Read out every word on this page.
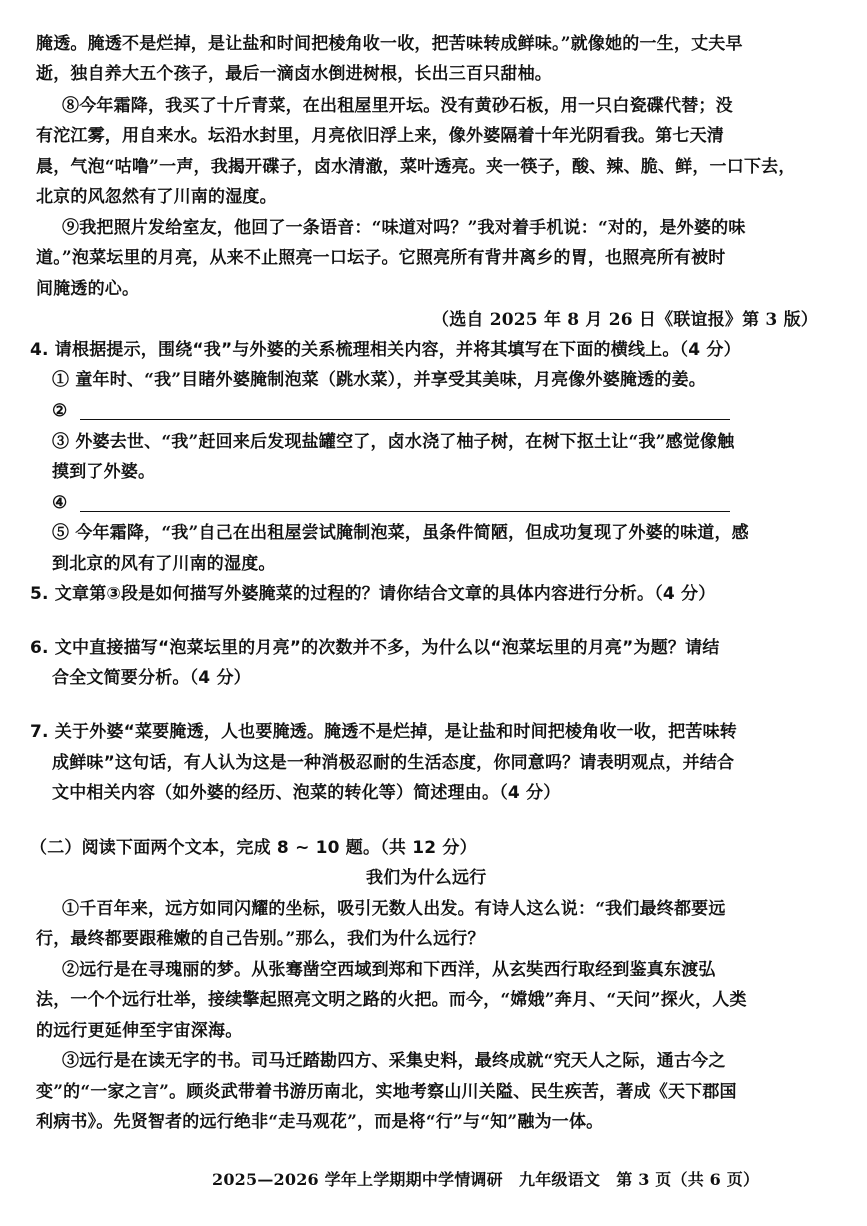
腌透。腌透不是烂掉，是让盐和时间把棱角收一收，把苦味转成鲜味。”就像她的一生，丈夫早
逝，独自养大五个孩子，最后一滴卤水倒进树根，长出三百只甜柚。
⑧今年霜降，我买了十斤青菜，在出租屋里开坛。没有黄砂石板，用一只白瓷碟代替；没
有沱江雾，用自来水。坛沿水封里，月亮依旧浮上来，像外婆隔着十年光阴看我。第七天清
晨，气泡“咕噜”一声，我揭开碟子，卤水清澈，菜叶透亮。夹一筷子，酸、辣、脆、鲜，一口下去，
北京的风忽然有了川南的湿度。
⑨我把照片发给室友，他回了一条语音：“味道对吗？”我对着手机说：“对的，是外婆的味
道。”泡菜坛里的月亮，从来不止照亮一口坛子。它照亮所有背井离乡的胃，也照亮所有被时
间腌透的心。
（选自 2025 年 8 月 26 日《联谊报》第 3 版）
4. 请根据提示，围绕“我”与外婆的关系梳理相关内容，并将其填写在下面的横线上。（4 分）
① 童年时、“我”目睹外婆腌制泡菜（跳水菜），并享受其美味，月亮像外婆腌透的姜。
②
③ 外婆去世、“我”赶回来后发现盐罐空了，卤水浇了柚子树，在树下抠土让“我”感觉像触
摸到了外婆。
④
⑤ 今年霜降，“我”自己在出租屋尝试腌制泡菜，虽条件简陋，但成功复现了外婆的味道，感
到北京的风有了川南的湿度。
5. 文章第③段是如何描写外婆腌菜的过程的？请你结合文章的具体内容进行分析。（4 分）
6. 文中直接描写“泡菜坛里的月亮”的次数并不多，为什么以“泡菜坛里的月亮”为题？请结
合全文简要分析。（4 分）
7. 关于外婆“菜要腌透，人也要腌透。腌透不是烂掉，是让盐和时间把棱角收一收，把苦味转
成鲜味”这句话，有人认为这是一种消极忍耐的生活态度，你同意吗？请表明观点，并结合
文中相关内容（如外婆的经历、泡菜的转化等）简述理由。（4 分）
（二）阅读下面两个文本，完成 8 ~ 10 题。（共 12 分）
我们为什么远行
①千百年来，远方如同闪耀的坐标，吸引无数人出发。有诗人这么说：“我们最终都要远
行，最终都要跟稚嫩的自己告别。”那么，我们为什么远行？
②远行是在寻瑰丽的梦。从张骞凿空西域到郑和下西洋，从玄奘西行取经到鉴真东渡弘
法，一个个远行壮举，接续擎起照亮文明之路的火把。而今，“嫦娥”奔月、“天问”探火，人类
的远行更延伸至宇宙深海。
③远行是在读无字的书。司马迁踏勘四方、采集史料，最终成就“究天人之际，通古今之
变”的“一家之言”。顾炎武带着书游历南北，实地考察山川关隘、民生疾苦，著成《天下郡国
利病书》。先贤智者的远行绝非“走马观花”，而是将“行”与“知”融为一体。
2025—2026 学年上学期期中学情调研　九年级语文　第 3 页（共 6 页）
